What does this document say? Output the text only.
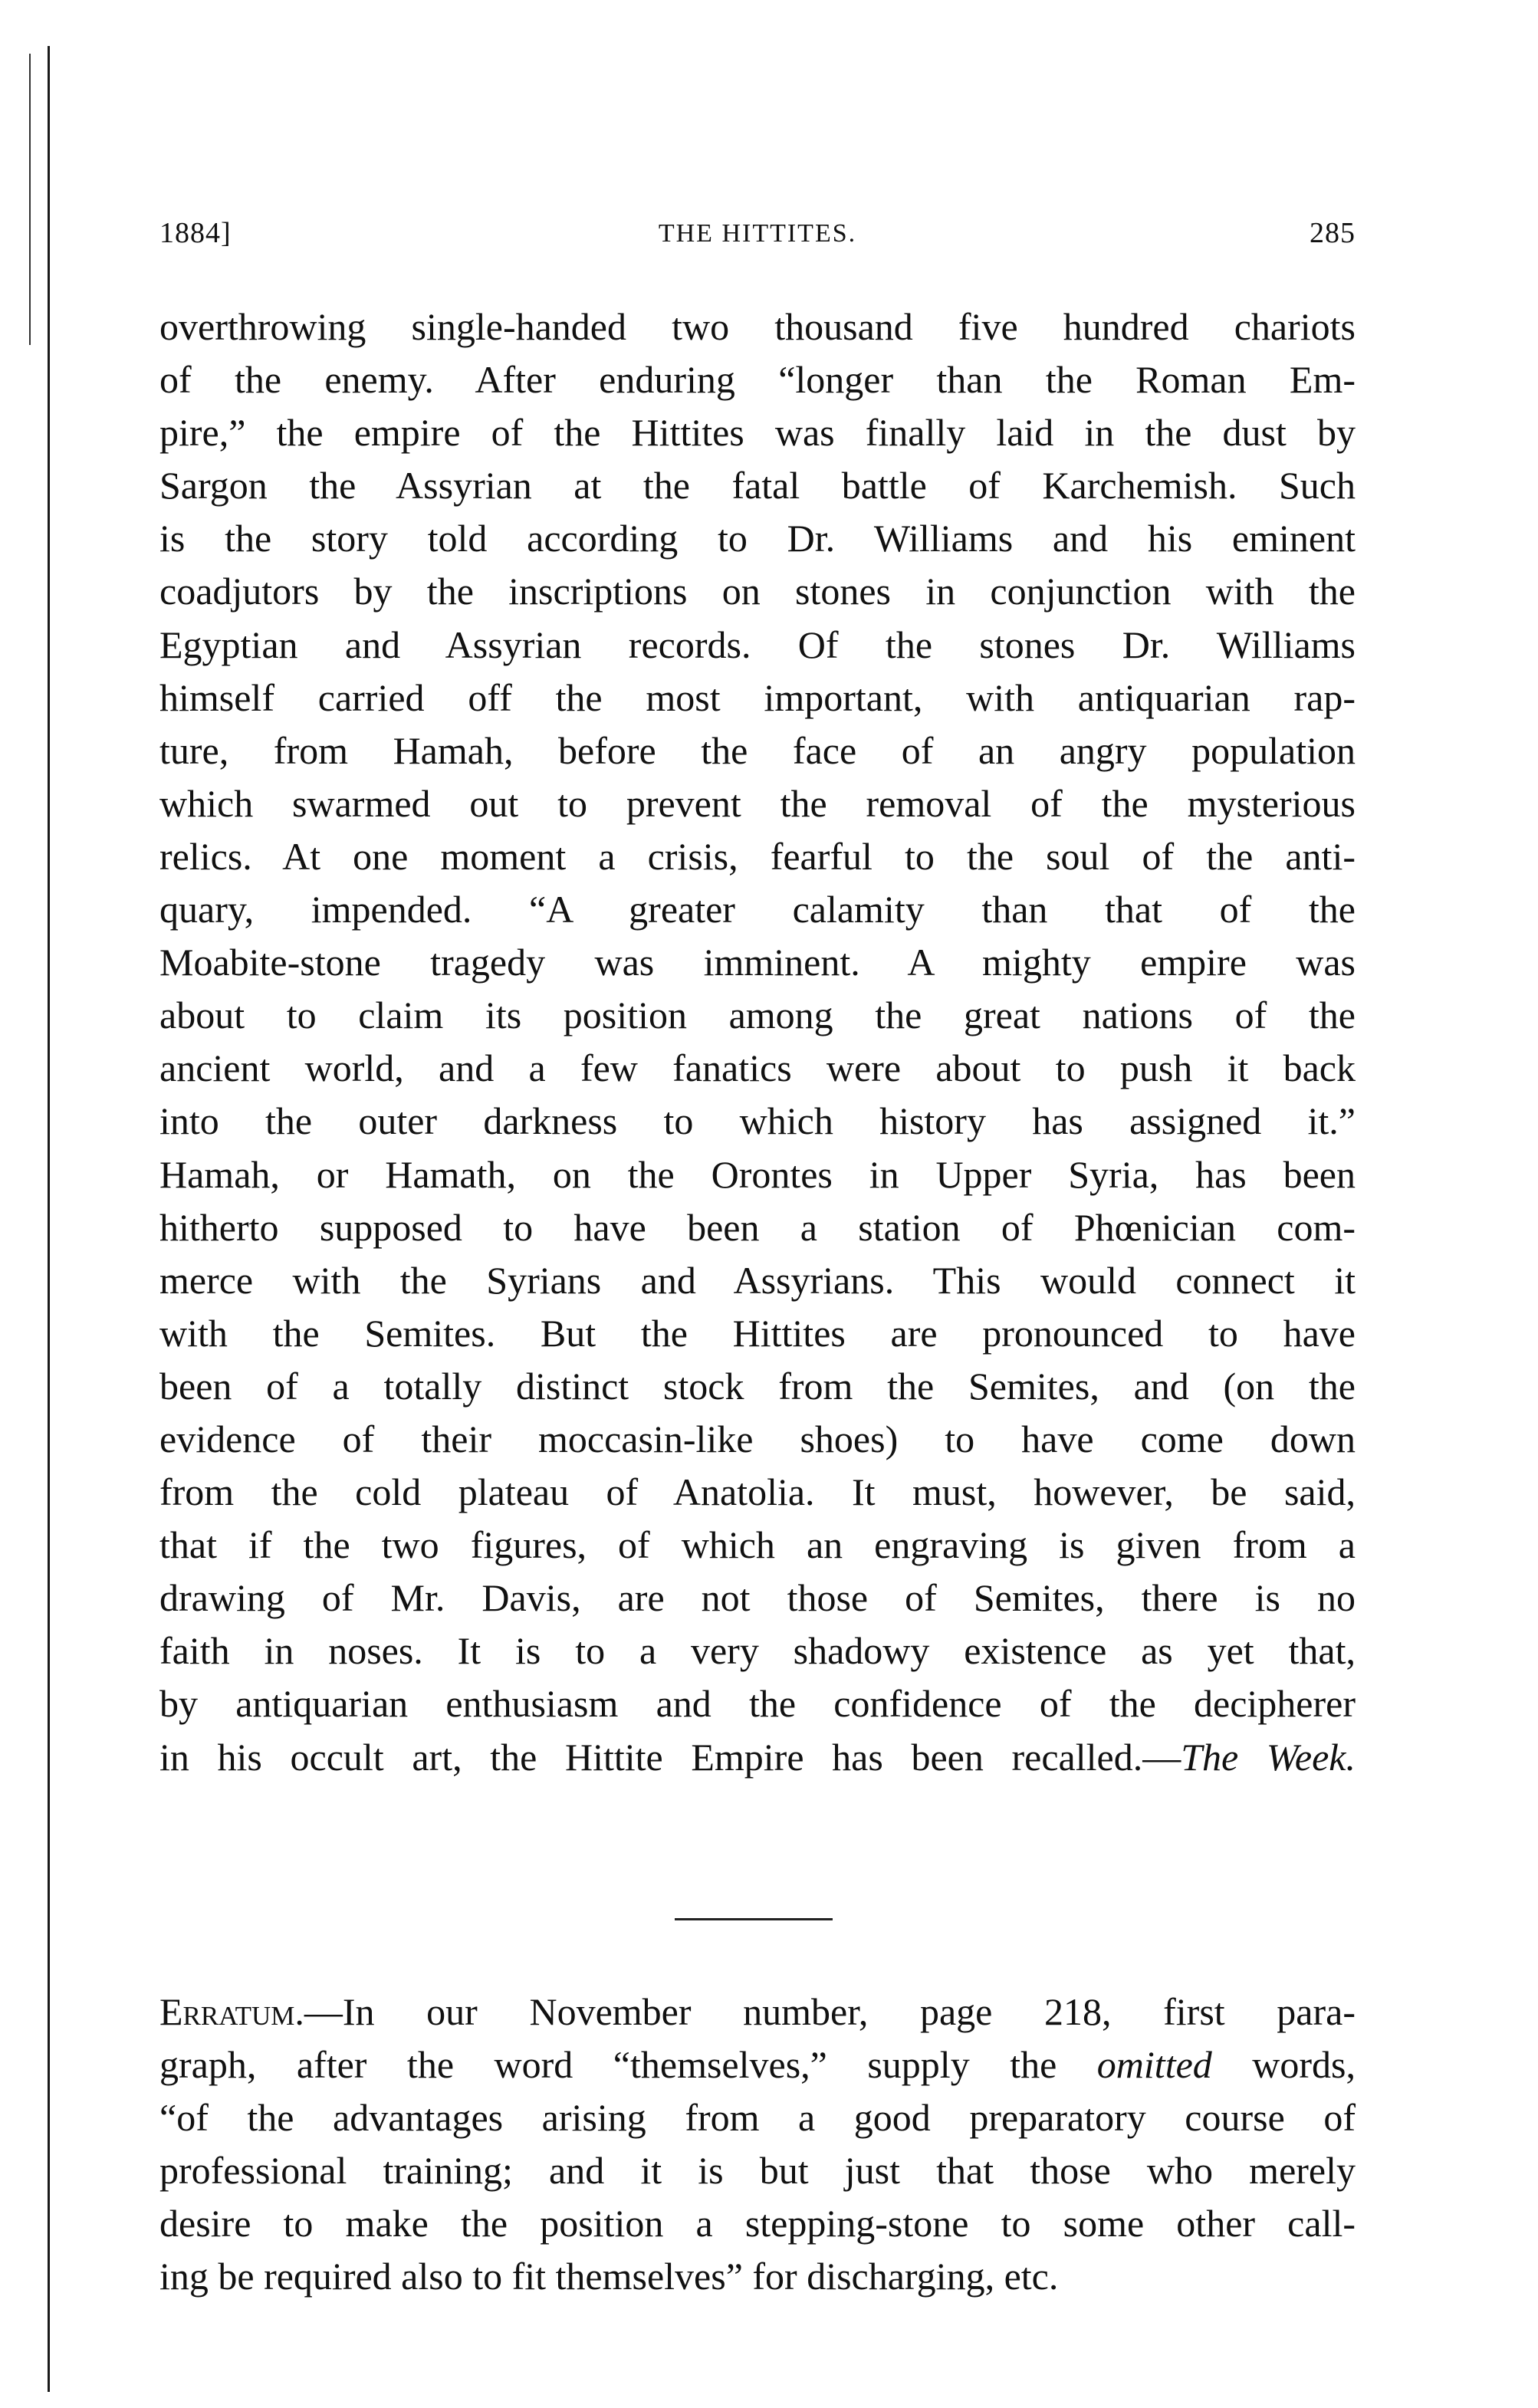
1884]	THE HITTITES.	285
overthrowing single-handed two thousand five hundred chariots
of the enemy. After enduring “longer than the Roman Em-
pire,” the empire of the Hittites was finally laid in the dust by
Sargon the Assyrian at the fatal battle of Karchemish. Such
is the story told according to Dr. Williams and his eminent
coadjutors by the inscriptions on stones in conjunction with the
Egyptian and Assyrian records. Of the stones Dr. Williams
himself carried off the most important, with antiquarian rap-
ture, from Hamah, before the face of an angry population
which swarmed out to prevent the removal of the mysterious
relics. At one moment a crisis, fearful to the soul of the anti-
quary, impended. “A greater calamity than that of the
Moabite-stone tragedy was imminent. A mighty empire was
about to claim its position among the great nations of the
ancient world, and a few fanatics were about to push it back
into the outer darkness to which history has assigned it.”
Hamah, or Hamath, on the Orontes in Upper Syria, has been
hitherto supposed to have been a station of Phœnician com-
merce with the Syrians and Assyrians. This would connect it
with the Semites. But the Hittites are pronounced to have
been of a totally distinct stock from the Semites, and (on the
evidence of their moccasin-like shoes) to have come down
from the cold plateau of Anatolia. It must, however, be said,
that if the two figures, of which an engraving is given from a
drawing of Mr. Davis, are not those of Semites, there is no
faith in noses. It is to a very shadowy existence as yet that,
by antiquarian enthusiasm and the confidence of the decipherer
in his occult art, the Hittite Empire has been recalled.—The Week.
Erratum.—In our November number, page 218, first para-
graph, after the word “themselves,” supply the omitted words,
“of the advantages arising from a good preparatory course of
professional training; and it is but just that those who merely
desire to make the position a stepping-stone to some other call-
ing be required also to fit themselves” for discharging, etc.
